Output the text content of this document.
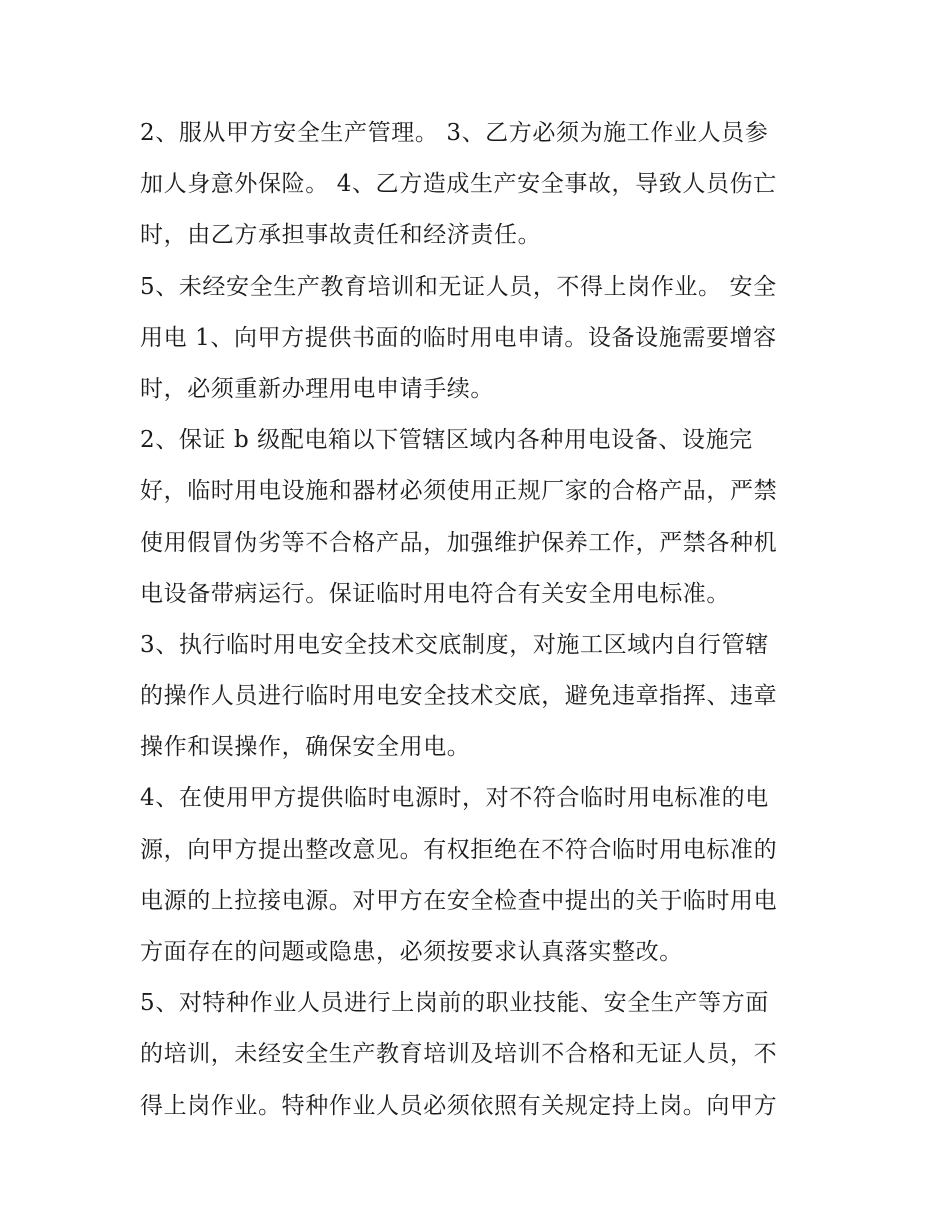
2、服从甲方安全生产管理。 3、乙方必须为施工作业人员参
加人身意外保险。 4、乙方造成生产安全事故，导致人员伤亡
时，由乙方承担事故责任和经济责任。

5、未经安全生产教育培训和无证人员，不得上岗作业。 安全
用电 1、向甲方提供书面的临时用电申请。设备设施需要增容
时，必须重新办理用电申请手续。

2、保证 b 级配电箱以下管辖区域内各种用电设备、设施完
好，临时用电设施和器材必须使用正规厂家的合格产品，严禁
使用假冒伪劣等不合格产品，加强维护保养工作，严禁各种机
电设备带病运行。保证临时用电符合有关安全用电标准。

3、执行临时用电安全技术交底制度，对施工区域内自行管辖
的操作人员进行临时用电安全技术交底，避免违章指挥、违章
操作和误操作，确保安全用电。

4、在使用甲方提供临时电源时，对不符合临时用电标准的电
源，向甲方提出整改意见。有权拒绝在不符合临时用电标准的
电源的上拉接电源。对甲方在安全检查中提出的关于临时用电
方面存在的问题或隐患，必须按要求认真落实整改。

5、对特种作业人员进行上岗前的职业技能、安全生产等方面
的培训，未经安全生产教育培训及培训不合格和无证人员，不
得上岗作业。特种作业人员必须依照有关规定持上岗。向甲方
